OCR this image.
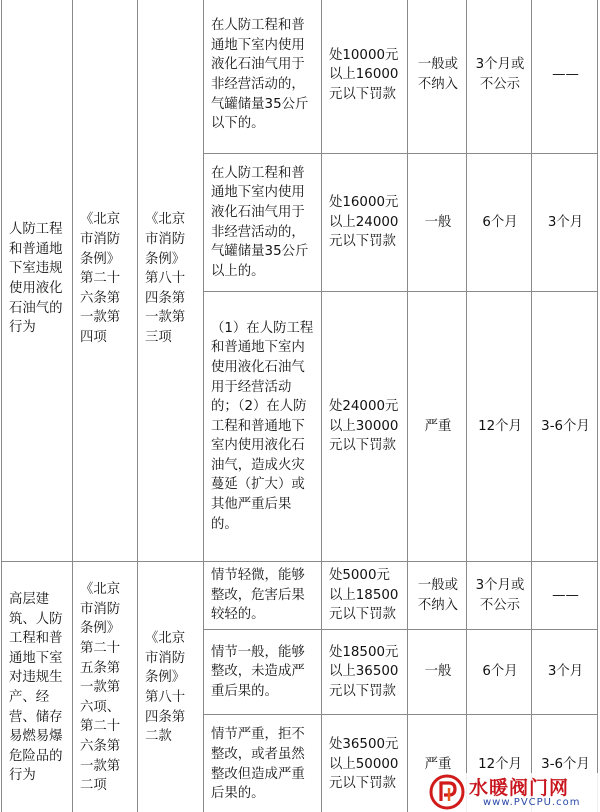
人防工程和普通地下室违规使用液化石油气的行为	《北京市消防条例》第二十六条第一款第四项	《北京市消防条例》第八十四条第一款第三项	在人防工程和普通地下室内使用液化石油气用于非经营活动的，气罐储量35公斤以下的。	处10000元以上16000元以下罚款	一般或不纳入	3个月或不公示	——
			在人防工程和普通地下室内使用液化石油气用于非经营活动的，气罐储量35公斤以上的。	处16000元以上24000元以下罚款	一般	6个月	3个月
			（1）在人防工程和普通地下室内使用液化石油气用于经营活动的；（2）在人防工程和普通地下室内使用液化石油气，造成火灾蔓延（扩大）或其他严重后果的。	处24000元以上30000元以下罚款	严重	12个月	3-6个月
高层建筑、人防工程和普通地下室对违规生产、经营、储存易燃易爆危险品的行为	《北京市消防条例》第二十五条第一款第六项、第二十六条第一款第二项	《北京市消防条例》第八十四条第二款	情节轻微，能够整改，危害后果较轻的。	处5000元以上18500元以下罚款	一般或不纳入	3个月或不公示	——
			情节一般，能够整改，未造成严重后果的。	处18500元以上36500元以下罚款	一般	6个月	3个月
			情节严重，拒不整改，或者虽然整改但造成严重后果的。	处36500元以上50000元以下罚款	严重	12个月	3-6个月
水暖阀门网
www.PVCPU.com
